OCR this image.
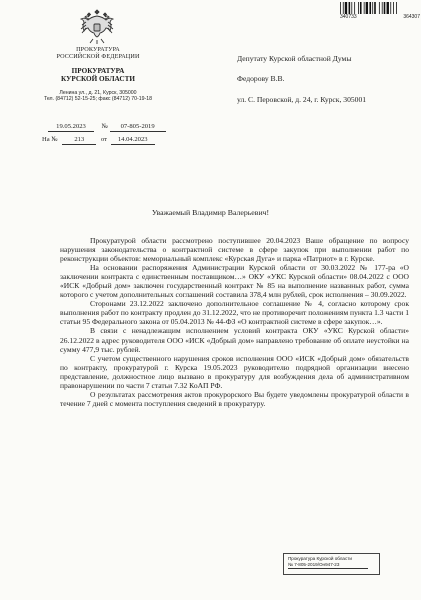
340733	364307
ПРОКУРАТУРА
РОССИЙСКОЙ ФЕДЕРАЦИИ
ПРОКУРАТУРА
КУРСКОЙ ОБЛАСТИ
Ленина ул., д. 21, Курск, 305000
Тел. (84712) 52-15-25; факс (84712) 70-19-18
19.05.2023 № 07-805-2019
На №	213	от 14.04.2023

Депутату Курской областной Думы

Федорову В.В.

ул. С. Перовской, д. 24, г. Курск, 305001

Уважаемый Владимир Валерьевич!

Прокуратурой области рассмотрено поступившее 20.04.2023 Ваше обращение по вопросу нарушения законодательства о контрактной системе в сфере закупок при выполнении работ по реконструкции объектов: мемориальный комплекс «Курская Дуга» и парка «Патриот» в г. Курске.

На основании распоряжения Администрации Курской области от 30.03.2022 № 177-ра «О заключении контракта с единственным поставщиком…» ОКУ «УКС Курской области» 08.04.2022 с ООО «ИСК «Добрый дом» заключен государственный контракт № 85 на выполнение названных работ, сумма которого с учетом дополнительных соглашений составила 378,4 млн рублей, срок исполнения – 30.09.2022.

Сторонами 23.12.2022 заключено дополнительное соглашение № 4, согласно которому срок выполнения работ по контракту продлен до 31.12.2022, что не противоречит положениям пункта 1.3 части 1 статьи 95 Федерального закона от 05.04.2013 № 44-ФЗ «О контрактной системе в сфере закупок…».

В связи с ненадлежащим исполнением условий контракта ОКУ «УКС Курской области» 26.12.2022 в адрес руководителя ООО «ИСК «Добрый дом» направлено требование об оплате неустойки на сумму 477,9 тыс. рублей.

С учетом существенного нарушения сроков исполнения ООО «ИСК «Добрый дом» обязательств по контракту, прокуратурой г. Курска 19.05.2023 руководителю подрядной организации внесено представление, должностное лицо вызвано в прокуратуру для возбуждения дела об административном правонарушении по части 7 статьи 7.32 КоАП РФ.

О результатах рассмотрения актов прокурорского Вы будете уведомлены прокуратурой области в течение 7 дней с момента поступления сведений в прокуратуру.

Прокуратура Курской области
№ 7-805-2019/Он947-23
